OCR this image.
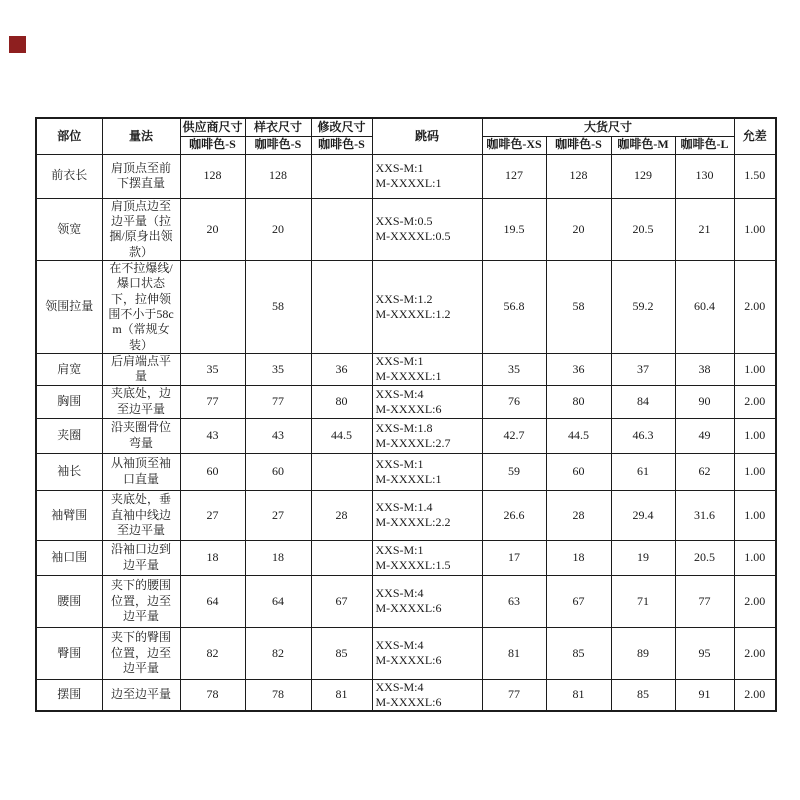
部位	量法	供应商尺寸	样衣尺寸	修改尺寸	跳码	大货尺寸				允差
		咖啡色-S	咖啡色-S	咖啡色-S		咖啡色-XS	咖啡色-S	咖啡色-M	咖啡色-L	
前衣长	肩顶点至前下摆直量	128	128		XXS-M:1
M-XXXXL:1	127	128	129	130	1.50
领宽	肩顶点边至边平量（拉捆/原身出领款）	20	20		XXS-M:0.5
M-XXXXL:0.5	19.5	20	20.5	21	1.00
领围拉量	在不拉爆线/爆口状态下，拉伸领围不小于58cm（常规女装）		58		XXS-M:1.2
M-XXXXL:1.2	56.8	58	59.2	60.4	2.00
肩宽	后肩端点平量	35	35	36	XXS-M:1
M-XXXXL:1	35	36	37	38	1.00
胸围	夹底处，边至边平量	77	77	80	XXS-M:4
M-XXXXL:6	76	80	84	90	2.00
夹圈	沿夹圈骨位弯量	43	43	44.5	XXS-M:1.8
M-XXXXL:2.7	42.7	44.5	46.3	49	1.00
袖长	从袖顶至袖口直量	60	60		XXS-M:1
M-XXXXL:1	59	60	61	62	1.00
袖臂围	夹底处，垂直袖中线边至边平量	27	27	28	XXS-M:1.4
M-XXXXL:2.2	26.6	28	29.4	31.6	1.00
袖口围	沿袖口边到边平量	18	18		XXS-M:1
M-XXXXL:1.5	17	18	19	20.5	1.00
腰围	夹下的腰围位置，边至边平量	64	64	67	XXS-M:4
M-XXXXL:6	63	67	71	77	2.00
臀围	夹下的臀围位置，边至边平量	82	82	85	XXS-M:4
M-XXXXL:6	81	85	89	95	2.00
摆围	边至边平量	78	78	81	XXS-M:4
M-XXXXL:6	77	81	85	91	2.00
